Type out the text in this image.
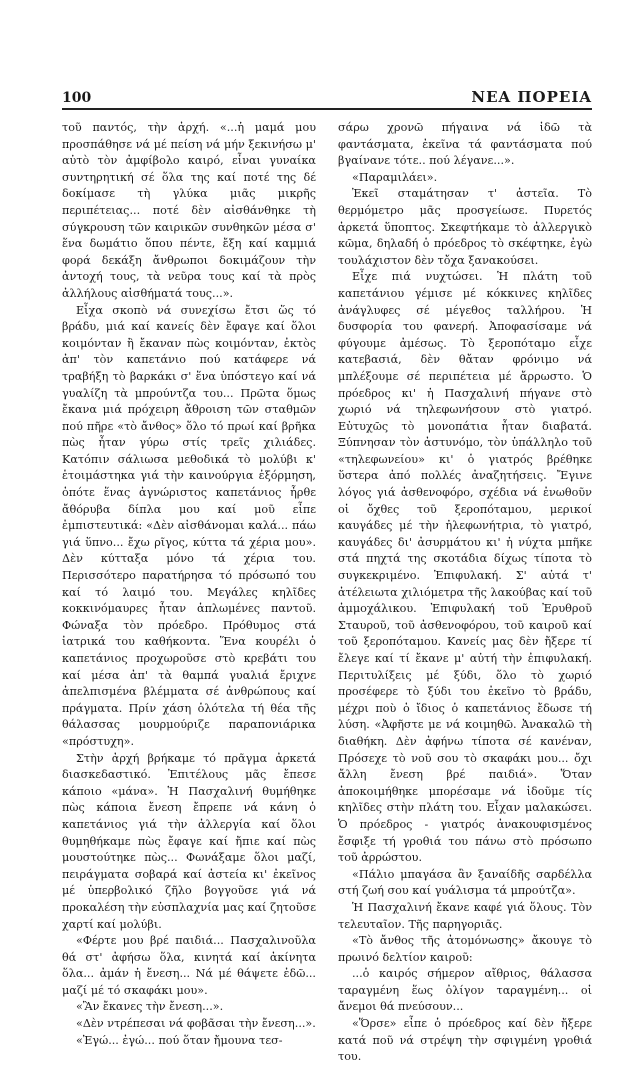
100	ΝΕΑ ΠΟΡΕΙΑ

τοῦ παντός, τὴν ἀρχή. «...ἡ μαμά μου προσπάθησε νά μέ πείση νά μήν ξεκινήσω μ' αὐτὸ τὸν ἀμφίβολο καιρό, εἶναι γυναίκα συντηρητική σέ ὅλα της καί ποτέ της δέ δοκίμασε τὴ γλύκα μιᾶς μικρῆς περιπέτειας... ποτέ δὲν αἰσθάνθηκε τὴ σύγκρουση τῶν καιρικῶν συνθηκῶν μέσα σ' ἕνα δωμάτιο ὅπου πέντε, ἔξη καί καμμιά φορά δεκάξη ἄνθρωποι δοκιμάζουν τὴν ἀντοχή τους, τὰ νεῦρα τους καί τὰ πρὸς ἀλλήλους αἰσθήματά τους...».

Εἶχα σκοπὸ νά συνεχίσω ἔτσι ὥς τό βράδυ, μιά καί κανείς δὲν ἔφαγε καί ὅλοι κοιμόνταν ἢ ἔκαναν πὼς κοιμόνταν, ἐκτὸς ἀπ' τὸν καπετάνιο πού κατάφερε νά τραβήξη τὸ βαρκάκι σ' ἕνα ὑπόστεγο καί νά γυαλίζη τὰ μπρούντζα του... Πρῶτα ὅμως ἔκανα μιά πρόχειρη ἄθροιση τῶν σταθμῶν πού πῆρε «τὸ ἄνθος» ὅλο τό πρωί καί βρῆκα πὼς ἦταν γύρω στίς τρεῖς χιλιάδες. Κατόπιν σάλιωσα μεθοδικά τὸ μολύβι κ' ἑτοιμάστηκα γιά τὴν καινούργια ἐξόρμηση, ὁπότε ἕνας ἀγνώριστος καπετάνιος ἦρθε ἄθόρυβα δίπλα μου καί μοῦ εἶπε ἐμπιστευτικά: «Δὲν αἰσθάνομαι καλά... πάω γιά ὕπνο... ἔχω ρῖγος, κύττα τά χέρια μου». Δὲν κύτταξα μόνο τά χέρια του. Περισσότερο παρατήρησα τό πρόσωπό του καί τό λαιμό του. Μεγάλες κηλῖδες κοκκινόμαυρες ἦταν ἁπλωμένες παντοῦ. Φώναξα τὸν πρόεδρο. Πρόθυμος στά ἰατρικά του καθήκοντα. Ἕνα κουρέλι ὁ καπετάνιος προχωροῦσε στὸ κρεβάτι του καί μέσα ἀπ' τὰ θαμπά γυαλιά ἔριχνε ἀπελπισμένα βλέμματα σέ ἀνθρώπους καί πράγματα. Πρίν χάση ὁλότελα τή θέα τῆς θάλασσας μουρμούριζε παραπονιάρικα «πρόστυχη».

Στὴν ἀρχή βρήκαμε τό πρᾶγμα ἀρκετά διασκεδαστικό. Ἐπιτέλους μᾶς ἔπεσε κάποιο «μάνα». Ἡ Πασχαλινή θυμήθηκε πὼς κάποια ἔνεση ἔπρεπε νά κάνη ὁ καπετάνιος γιά τὴν ἀλλεργία καί ὅλοι θυμηθήκαμε πὼς ἔφαγε καί ἤπιε καί πὼς μουστούτηκε πὼς... Φωνάξαμε ὅλοι μαζί, πειράγματα σοβαρά καί ἀστεία κι' ἐκεῖνος μέ ὑπερβολικό ζῆλο βογγοῦσε γιά νά προκαλέση τὴν εὐσπλαχνία μας καί ζητοῦσε χαρτί καί μολύβι.

«Φέρτε μου βρέ παιδιά... Πασχαλινοῦλα θά στ' ἀφήσω ὅλα, κινητά καί ἀκίνητα ὅλα... ἀμάν ἡ ἔνεση... Νά μέ θάψετε ἐδῶ... μαζί μέ τό σκαφάκι μου».

«Ἂν ἔκανες τὴν ἔνεση...».

«Δὲν ντρέπεσαι νά φοβᾶσαι τὴν ἔνεση...».

«Ἐγώ... ἐγώ... πού ὅταν ἤμουνα τεσ-

σάρω χρονῶ πήγαινα νά ἰδῶ τὰ φαντάσματα, ἐκεῖνα τά φαντάσματα πού βγαίνανε τότε.. πού λέγανε...».

«Παραμιλάει».

Ἐκεῖ σταμάτησαν τ' ἀστεῖα. Τὸ θερμόμετρο μᾶς προσγείωσε. Πυρετός ἀρκετά ὕποπτος. Σκεφτήκαμε τὸ ἀλλεργικὸ κῶμα, δηλαδή ὁ πρόεδρος τὸ σκέφτηκε, ἐγὼ τουλάχιστον δὲν τὄχα ξανακούσει.

Εἶχε πιά νυχτώσει. Ἡ πλάτη τοῦ καπετάνιου γέμισε μέ κόκκινες κηλῖδες ἀνάγλυφες σέ μέγεθος ταλλήρου. Ἡ δυσφορία του φανερή. Ἀποφασίσαμε νά φύγουμε ἀμέσως. Τὸ ξεροπόταμο εἶχε κατεβασιά, δὲν θἄταν φρόνιμο νά μπλέξουμε σέ περιπέτεια μέ ἄρρωστο. Ὁ πρόεδρος κι' ἡ Πασχαλινή πήγανε στὸ χωριό νά τηλεφωνήσουν στὸ γιατρό. Εὐτυχῶς τὸ μονοπάτια ἦταν διαβατά. Ξύπνησαν τὸν ἀστυνόμο, τὸν ὑπάλληλο τοῦ «τηλεφωνείου» κι' ὁ γιατρός βρέθηκε ὕστερα ἀπό πολλές ἀναζητήσεις. Ἔγινε λόγος γιά ἀσθενοφόρο, σχέδια νά ἐνωθοῦν οἱ ὄχθες τοῦ ξεροπόταμου, μερικοί καυγάδες μέ τὴν ἠλεφωνήτρια, τὸ γιατρό, καυγάδες δι' ἀσυρμάτου κι' ἡ νύχτα μπῆκε στά πηχτά της σκοτάδια δίχως τίποτα τὸ συγκεκριμένο. Ἐπιφυλακή. Σ' αὐτά τ' ἀτέλειωτα χιλιόμετρα τῆς λακούβας καί τοῦ ἀμμοχάλικου. Ἐπιφυλακή τοῦ Ἐρυθροῦ Σταυροῦ, τοῦ ἀσθενοφόρου, τοῦ καιροῦ καί τοῦ ξεροπόταμου. Κανείς μας δὲν ἤξερε τί ἔλεγε καί τί ἔκανε μ' αὐτή τὴν ἐπιφυλακή. Περιτυλίξεις μέ ξύδι, ὅλο τὸ χωριό προσέφερε τὸ ξύδι του ἐκεῖνο τὸ βράδυ, μέχρι ποὺ ὁ ἴδιος ὁ καπετάνιος ἔδωσε τή λύση. «Ἀφῆστε με νά κοιμηθῶ. Ἀνακαλῶ τὴ διαθήκη. Δὲν ἀφήνω τίποτα σέ κανέναν, Πρόσεχε τὸ νοῦ σου τὸ σκαφάκι μου... ὄχι ἄλλη ἔνεση βρέ παιδιά». Ὅταν ἀποκοιμήθηκε μπορέσαμε νά ἰδοῦμε τίς κηλῖδες στὴν πλάτη του. Εἶχαν μαλακώσει. Ὁ πρόεδρος - γιατρός ἀνακουφισμένος ἔσφιξε τή γροθιά του πάνω στὸ πρόσωπο τοῦ ἀρρώστου.

«Πάλιο μπαγάσα ἂν ξαναίδῆς σαρδέλλα στή ζωή σου καί γυάλισμα τά μπρούτζα».

Ἡ Πασχαλινή ἔκανε καφέ γιά ὅλους. Τὸν τελευταῖον. Τῆς παρηγοριᾶς.

«Τὸ ἄνθος τῆς ἀτομόνωσης» ἄκουγε τὸ πρωινό δελτίον καιροῦ:

...ὁ καιρός σήμερον αἴθριος, θάλασσα ταραγμένη ἕως ὀλίγον ταραγμένη... οἱ ἄνεμοι θά πνεύσουν...

«Ὅρσε» εἶπε ὁ πρόεδρος καί δὲν ἤξερε κατά ποῦ νά στρέψη τὴν σφιγμένη γροθιά του.
